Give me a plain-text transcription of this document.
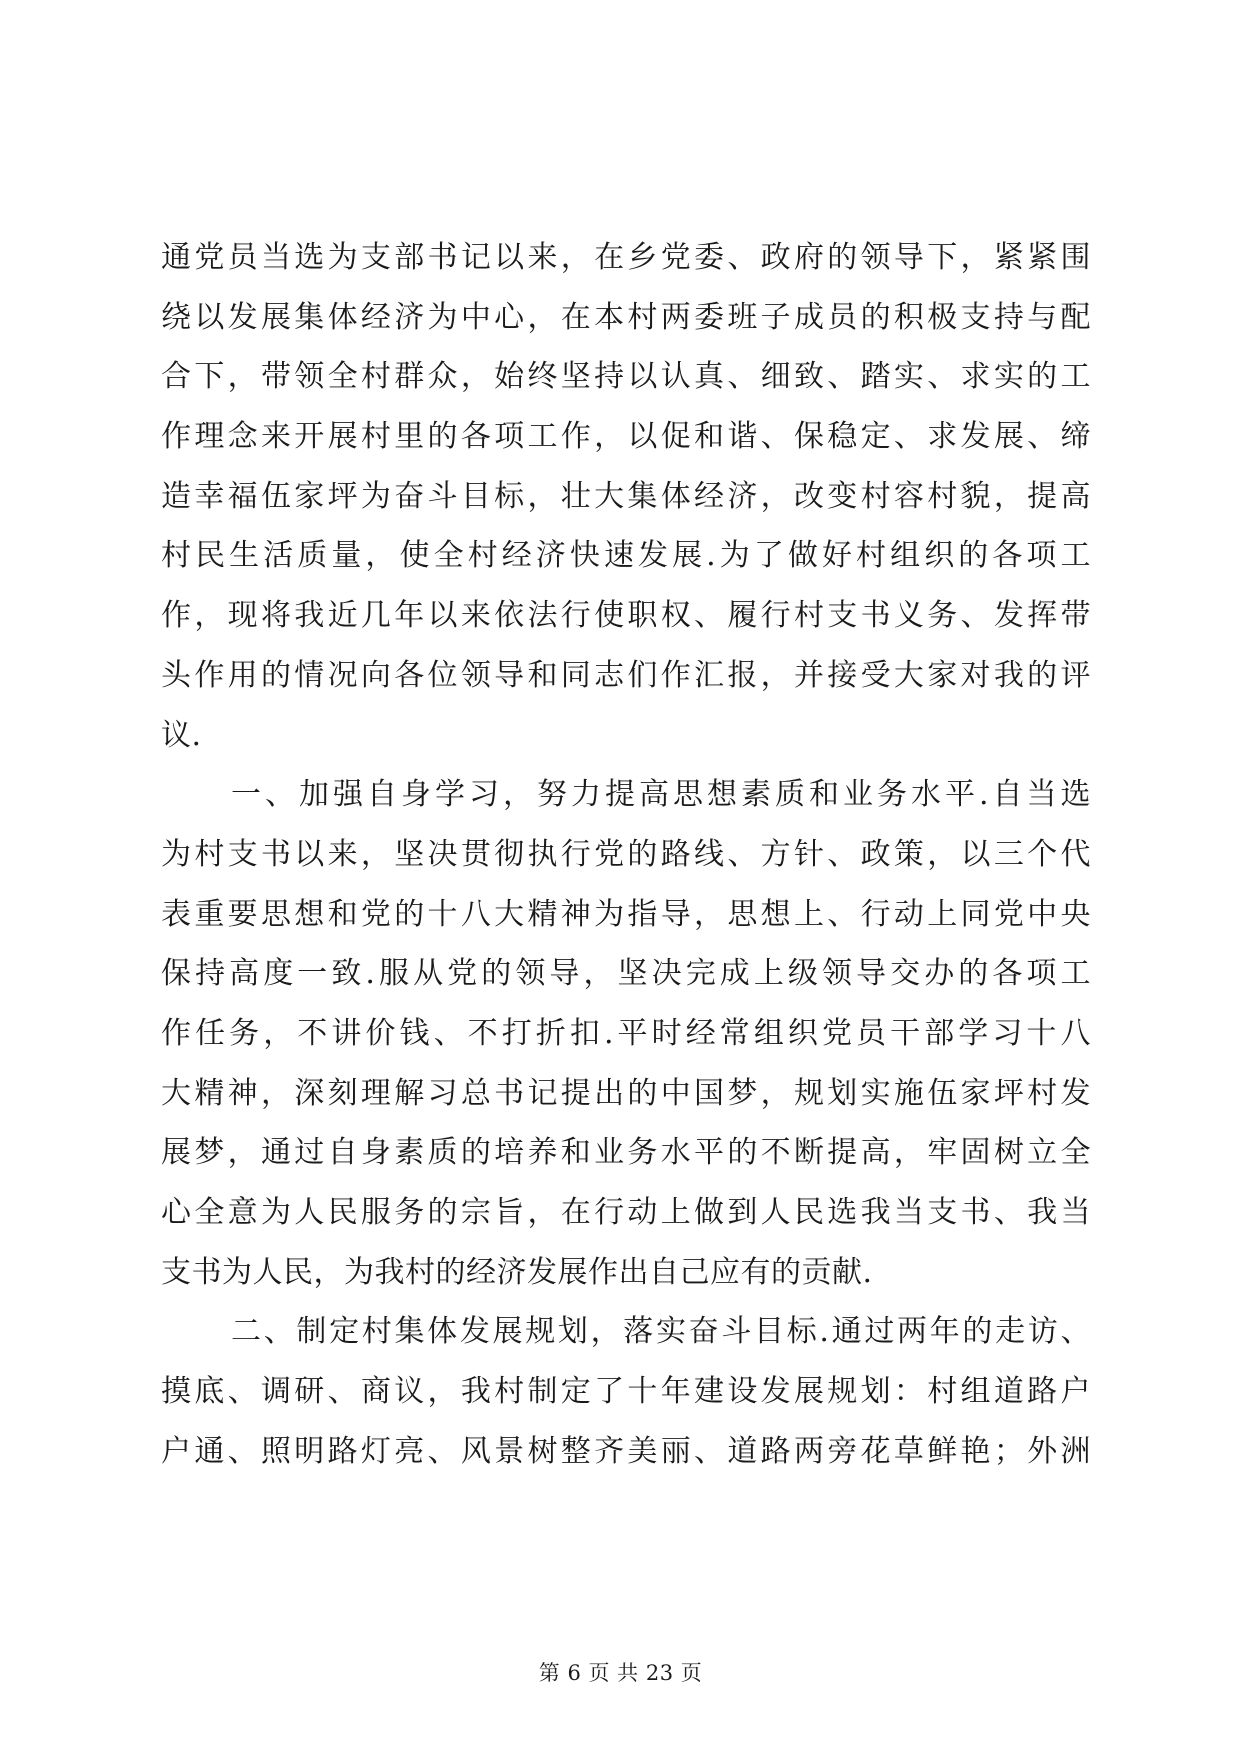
通党员当选为支部书记以来，在乡党委、政府的领导下，紧紧围
绕以发展集体经济为中心，在本村两委班子成员的积极支持与配
合下，带领全村群众，始终坚持以认真、细致、踏实、求实的工
作理念来开展村里的各项工作，以促和谐、保稳定、求发展、缔
造幸福伍家坪为奋斗目标，壮大集体经济，改变村容村貌，提高
村民生活质量，使全村经济快速发展.为了做好村组织的各项工
作，现将我近几年以来依法行使职权、履行村支书义务、发挥带
头作用的情况向各位领导和同志们作汇报，并接受大家对我的评
议.
一、加强自身学习，努力提高思想素质和业务水平.自当选
为村支书以来，坚决贯彻执行党的路线、方针、政策，以三个代
表重要思想和党的十八大精神为指导，思想上、行动上同党中央
保持高度一致.服从党的领导，坚决完成上级领导交办的各项工
作任务，不讲价钱、不打折扣.平时经常组织党员干部学习十八
大精神，深刻理解习总书记提出的中国梦，规划实施伍家坪村发
展梦，通过自身素质的培养和业务水平的不断提高，牢固树立全
心全意为人民服务的宗旨，在行动上做到人民选我当支书、我当
支书为人民，为我村的经济发展作出自己应有的贡献.
二、制定村集体发展规划，落实奋斗目标.通过两年的走访、
摸底、调研、商议，我村制定了十年建设发展规划：村组道路户
户通、照明路灯亮、风景树整齐美丽、道路两旁花草鲜艳；外洲
第 6 页 共 23 页
